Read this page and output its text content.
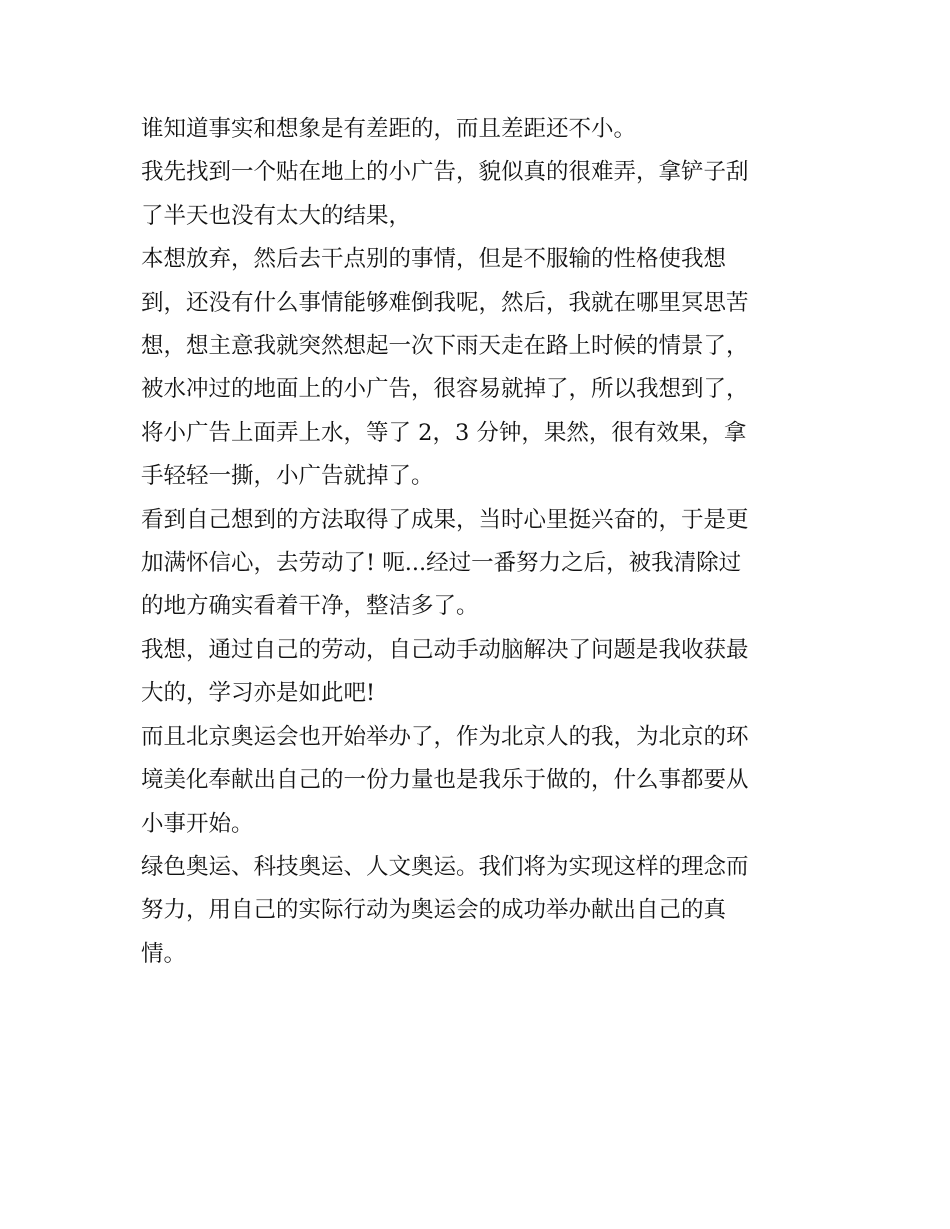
谁知道事实和想象是有差距的，而且差距还不小。

我先找到一个贴在地上的小广告，貌似真的很难弄，拿铲子刮

了半天也没有太大的结果，

本想放弃，然后去干点别的事情，但是不服输的性格使我想

到，还没有什么事情能够难倒我呢，然后，我就在哪里冥思苦

想，想主意我就突然想起一次下雨天走在路上时候的情景了，

被水冲过的地面上的小广告，很容易就掉了，所以我想到了，

将小广告上面弄上水，等了 2，3 分钟，果然，很有效果，拿

手轻轻一撕，小广告就掉了。

看到自己想到的方法取得了成果，当时心里挺兴奋的，于是更

加满怀信心，去劳动了! 呃...经过一番努力之后，被我清除过

的地方确实看着干净，整洁多了。

我想，通过自己的劳动，自己动手动脑解决了问题是我收获最

大的，学习亦是如此吧!

而且北京奥运会也开始举办了，作为北京人的我，为北京的环

境美化奉献出自己的一份力量也是我乐于做的，什么事都要从

小事开始。

绿色奥运、科技奥运、人文奥运。我们将为实现这样的理念而

努力，用自己的实际行动为奥运会的成功举办献出自己的真

情。
